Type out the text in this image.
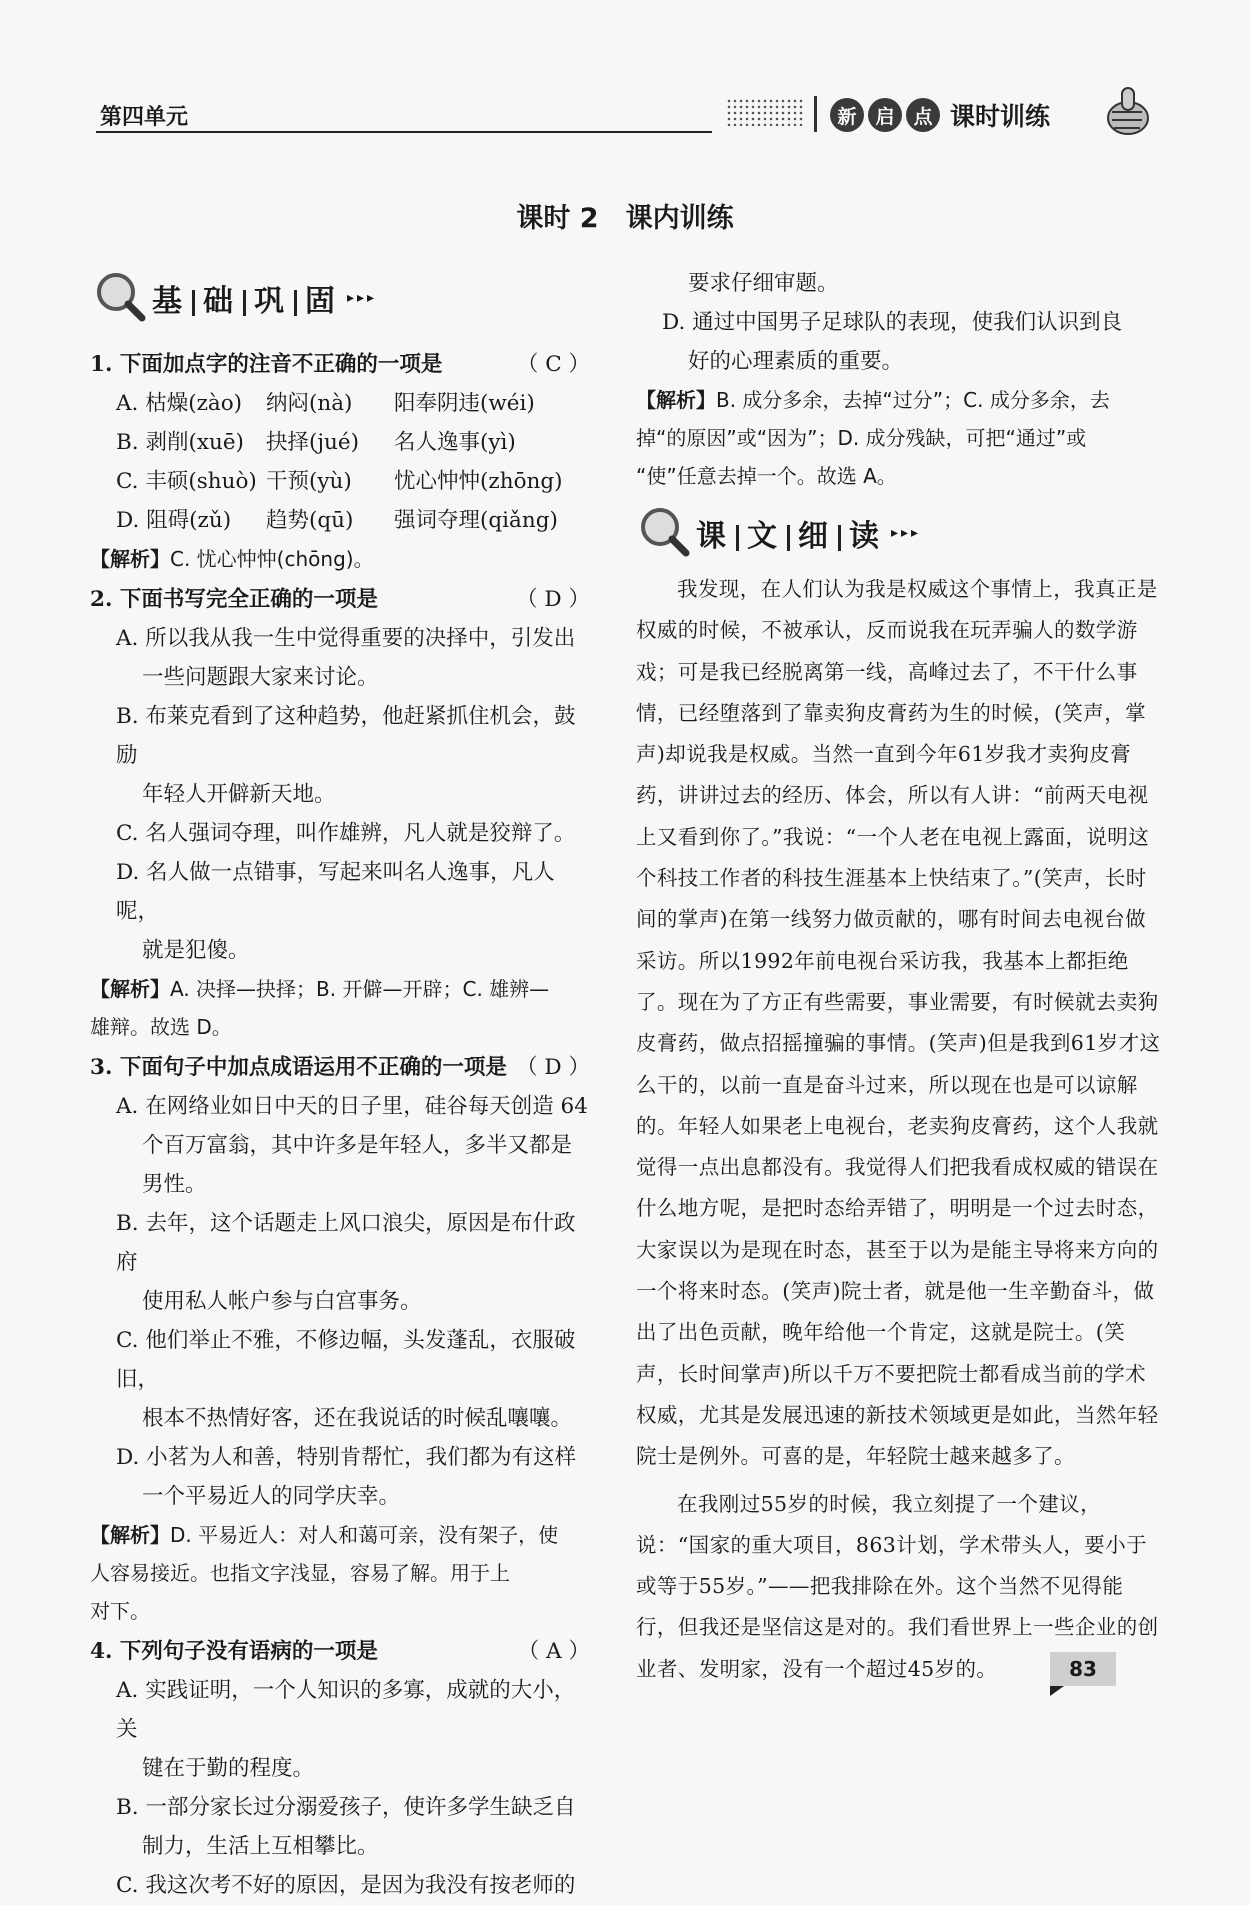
第四单元	新 启 点 课时训练
课时 2　课内训练
基 础 巩 固 ▸▸▸
1. 下面加点字的注音不正确的一项是	（ C ）
A. 枯燥(zào)	纳闷(nà)	阳奉阴违(wéi)
B. 剥削(xuē)	抉择(jué)	名人逸事(yì)
C. 丰硕(shuò) 干预(yù)	忧心忡忡(zhōng)
D. 阻碍(zǔ)	趋势(qū)	强词夺理(qiǎng)
【解析】C. 忧心忡忡(chōng)。
2. 下面书写完全正确的一项是	（ D ）
A. 所以我从我一生中觉得重要的决择中，引发出
一些问题跟大家来讨论。
B. 布莱克看到了这种趋势，他赶紧抓住机会，鼓励
年轻人开僻新天地。
C. 名人强词夺理，叫作雄辨，凡人就是狡辩了。
D. 名人做一点错事，写起来叫名人逸事，凡人呢，
就是犯傻。
【解析】A. 决择—抉择；B. 开僻—开辟；C. 雄辨—
雄辩。故选 D。
3. 下面句子中加点成语运用不正确的一项是 （ D ）
A. 在网络业如日中天的日子里，硅谷每天创造 64
个百万富翁，其中许多是年轻人，多半又都是
男性。
B. 去年，这个话题走上风口浪尖，原因是布什政府
使用私人帐户参与白宫事务。
C. 他们举止不雅，不修边幅，头发蓬乱，衣服破旧，
根本不热情好客，还在我说话的时候乱嚷嚷。
D. 小茗为人和善，特别肯帮忙，我们都为有这样
一个平易近人的同学庆幸。
【解析】D. 平易近人：对人和蔼可亲，没有架子，使
人容易接近。也指文字浅显，容易了解。用于上
对下。
4. 下列句子没有语病的一项是	（ A ）
A. 实践证明，一个人知识的多寡，成就的大小，关
键在于勤的程度。
B. 一部分家长过分溺爱孩子，使许多学生缺乏自
制力，生活上互相攀比。
C. 我这次考不好的原因，是因为我没有按老师的
要求仔细审题。
D. 通过中国男子足球队的表现，使我们认识到良
好的心理素质的重要。
【解析】B. 成分多余，去掉“过分”；C. 成分多余，去
掉“的原因”或“因为”；D. 成分残缺，可把“通过”或
“使”任意去掉一个。故选 A。
课 文 细 读 ▸▸▸
我发现，在人们认为我是权威这个事情上，我真正是权威的时候，不被承认，反而说我在玩弄骗人的数学游戏；可是我已经脱离第一线，高峰过去了，不干什么事情，已经堕落到了靠卖狗皮膏药为生的时候，(笑声，掌声)却说我是权威。当然一直到今年61岁我才卖狗皮膏药，讲讲过去的经历、体会，所以有人讲：“前两天电视上又看到你了。”我说：“一个人老在电视上露面，说明这个科技工作者的科技生涯基本上快结束了。”(笑声，长时间的掌声)在第一线努力做贡献的，哪有时间去电视台做采访。所以1992年前电视台采访我，我基本上都拒绝了。现在为了方正有些需要，事业需要，有时候就去卖狗皮膏药，做点招摇撞骗的事情。(笑声)但是我到61岁才这么干的，以前一直是奋斗过来，所以现在也是可以谅解的。年轻人如果老上电视台，老卖狗皮膏药，这个人我就觉得一点出息都没有。我觉得人们把我看成权威的错误在什么地方呢，是把时态给弄错了，明明是一个过去时态，大家误以为是现在时态，甚至于以为是能主导将来方向的一个将来时态。(笑声)院士者，就是他一生辛勤奋斗，做出了出色贡献，晚年给他一个肯定，这就是院士。(笑声，长时间掌声)所以千万不要把院士都看成当前的学术权威，尤其是发展迅速的新技术领域更是如此，当然年轻院士是例外。可喜的是，年轻院士越来越多了。
在我刚过55岁的时候，我立刻提了一个建议，说：“国家的重大项目，863计划，学术带头人，要小于或等于55岁。”——把我排除在外。这个当然不见得能行，但我还是坚信这是对的。我们看世界上一些企业的创业者、发明家，没有一个超过45岁的。	83
